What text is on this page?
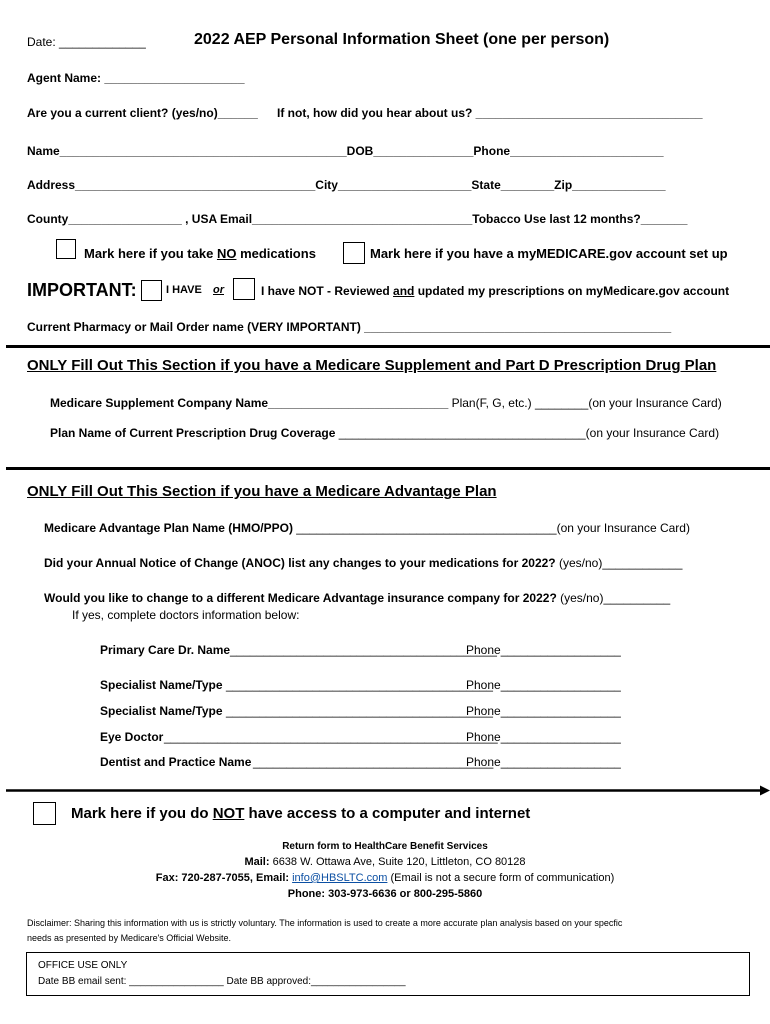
Date: _____________	2022 AEP Personal Information Sheet (one per person)
Agent Name: _____________________
Are you a current client? (yes/no)______ If not, how did you hear about us? __________________________________
Name___________________________________________DOB_______________Phone_______________________
Address____________________________________City____________________State________Zip______________
County_________________ , USA Email_________________________________Tobacco Use last 12 months?_______
Mark here if you take NO medications	Mark here if you have a myMEDICARE.gov account set up
IMPORTANT:	I HAVE or	I have NOT - Reviewed and updated my prescriptions on myMedicare.gov account
Current Pharmacy or Mail Order name (VERY IMPORTANT) ______________________________________________
ONLY Fill Out This Section if you have a Medicare Supplement and Part D Prescription Drug Plan
Medicare Supplement Company Name___________________________ Plan(F, G, etc.) ________(on your Insurance Card)
Plan Name of Current Prescription Drug Coverage _____________________________________(on your Insurance Card)
ONLY Fill Out This Section if you have a Medicare Advantage Plan
Medicare Advantage Plan Name (HMO/PPO) _______________________________________(on your Insurance Card)
Did your Annual Notice of Change (ANOC) list any changes to your medications for 2022? (yes/no)____________
Would you like to change to a different Medicare Advantage insurance company for 2022? (yes/no)__________
If yes, complete doctors information below:
Primary Care Dr. Name ________________________________________
Phone__________________
Specialist Name/Type ________________________________________
Phone__________________
Specialist Name/Type ________________________________________
Phone__________________
Eye Doctor __________________________________________________
Phone__________________
Dentist and Practice Name ____________________________________
Phone__________________
Mark here if you do NOT have access to a computer and internet
Return form to HealthCare Benefit Services
Mail: 6638 W. Ottawa Ave, Suite 120, Littleton, CO 80128
Fax: 720-287-7055, Email: info@HBSLTC.com (Email is not a secure form of communication)
Phone: 303-973-6636 or 800-295-5860
Disclaimer: Sharing this information with us is strictly voluntary. The information is used to create a more accurate plan analysis based on your specfic
needs as presented by Medicare's Official Website.
OFFICE USE ONLY
Date BB email sent: _________________ Date BB approved:_________________
